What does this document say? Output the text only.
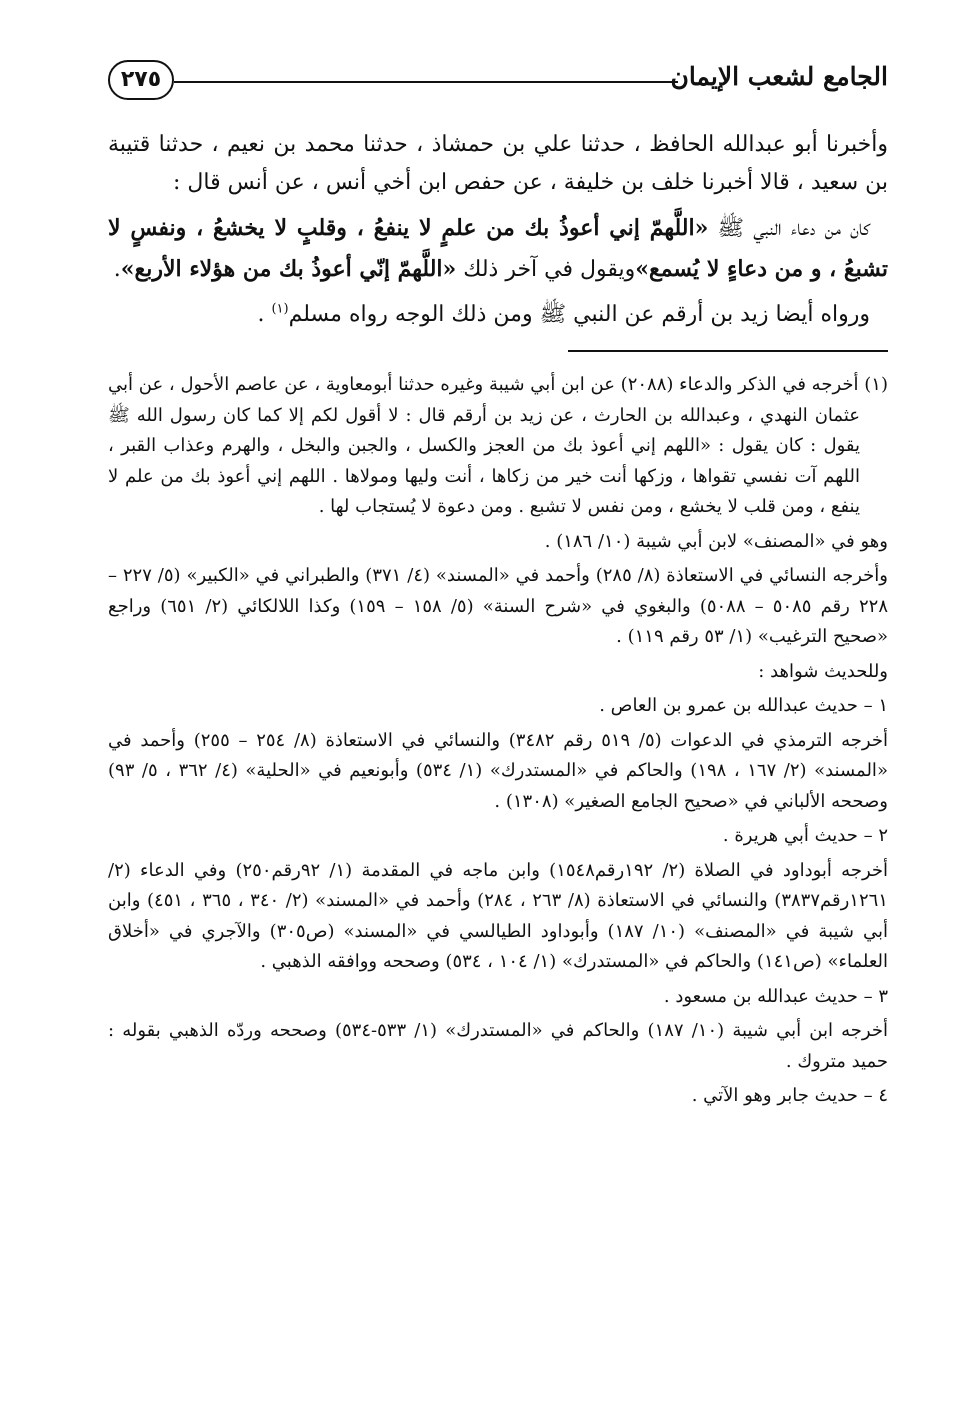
الجامع لشعب الإيمان
٢٧٥

وأخبرنا أبو عبدالله الحافظ ، حدثنا علي بن حمشاذ ، حدثنا محمد بن نعيم ، حدثنا قتيبة بن سعيد ، قالا أخبرنا خلف بن خليفة ، عن حفص ابن أخي أنس ، عن أنس قال :

كان من دعاء النبي ﷺ «اللَّهمّ إني أعوذُ بك من علمٍ لا ينفعُ ، وقلبٍ لا يخشعُ ، ونفسٍ لا تشبعُ ، و من دعاءٍ لا يُسمع»ويقول في آخر ذلك «اللَّهمّ إنّي أعوذُ بك من هؤلاء الأربع».

ورواه أيضا زيد بن أرقم عن النبي ﷺ ومن ذلك الوجه رواه مسلم$^{(١)}$ .

(١) أخرجه في الذكر والدعاء (٢٠٨٨) عن ابن أبي شيبة وغيره حدثنا أبومعاوية ، عن عاصم الأحول ، عن أبي عثمان النهدي ، وعبدالله بن الحارث ، عن زيد بن أرقم قال : لا أقول لكم إلا كما كان رسول الله ﷺ يقول : كان يقول : «اللهم إني أعوذ بك من العجز والكسل ، والجبن والبخل ، والهرم وعذاب القبر ، اللهم آت نفسي تقواها ، وزكها أنت خير من زكاها ، أنت وليها ومولاها . اللهم إني أعوذ بك من علم لا ينفع ، ومن قلب لا يخشع ، ومن نفس لا تشبع . ومن دعوة لا يُستجاب لها .

وهو في «المصنف» لابن أبي شيبة (١٠/ ١٨٦) .

وأخرجه النسائي في الاستعاذة (٨/ ٢٨٥) وأحمد في «المسند» (٤/ ٣٧١) والطبراني في «الكبير» (٥/ ٢٢٧ – ٢٢٨ رقم ٥٠٨٥ – ٥٠٨٨) والبغوي في «شرح السنة» (٥/ ١٥٨ – ١٥٩) وكذا اللالكائي (٢/ ٦٥١) وراجع «صحيح الترغيب» (١/ ٥٣ رقم ١١٩) .

وللحديث شواهد :

١ – حديث عبدالله بن عمرو بن العاص .

أخرجه الترمذي في الدعوات (٥/ ٥١٩ رقم ٣٤٨٢) والنسائي في الاستعاذة (٨/ ٢٥٤ – ٢٥٥) وأحمد في «المسند» (٢/ ١٦٧ ، ١٩٨) والحاكم في «المستدرك» (١/ ٥٣٤) وأبونعيم في «الحلية» (٤/ ٣٦٢ ، ٥/ ٩٣) وصححه الألباني في «صحيح الجامع الصغير» (١٣٠٨) .

٢ – حديث أبي هريرة .

أخرجه أبوداود في الصلاة (٢/ ١٩٢رقم١٥٤٨) وابن ماجه في المقدمة (١/ ٩٢رقم٢٥٠) وفي الدعاء (٢/ ١٢٦١رقم٣٨٣٧) والنسائي في الاستعاذة (٨/ ٢٦٣ ، ٢٨٤) وأحمد في «المسند» (٢/ ٣٤٠ ، ٣٦٥ ، ٤٥١) وابن أبي شيبة في «المصنف» (١٠/ ١٨٧) وأبوداود الطيالسي في «المسند» (ص٣٠٥) والآجري في «أخلاق العلماء» (ص١٤١) والحاكم في «المستدرك» (١/ ١٠٤ ، ٥٣٤) وصححه ووافقه الذهبي .

٣ – حديث عبدالله بن مسعود .

أخرجه ابن أبي شيبة (١٠/ ١٨٧) والحاكم في «المستدرك» (١/ ٥٣٣-٥٣٤) وصححه وردّه الذهبي بقوله : حميد متروك .

٤ – حديث جابر وهو الآتي .
